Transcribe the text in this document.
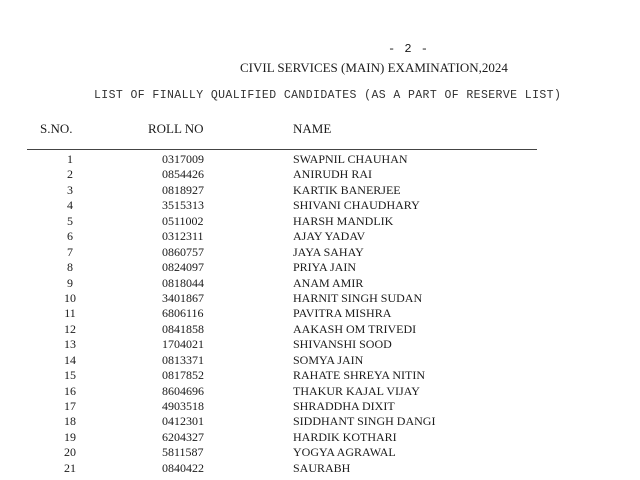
- 2 -
CIVIL SERVICES (MAIN) EXAMINATION,2024
LIST OF FINALLY QUALIFIED CANDIDATES (AS A PART OF RESERVE LIST)
S.NO.	ROLL NO	NAME
1	0317009	SWAPNIL CHAUHAN
2	0854426	ANIRUDH RAI
3	0818927	KARTIK BANERJEE
4	3515313	SHIVANI CHAUDHARY
5	0511002	HARSH MANDLIK
6	0312311	AJAY YADAV
7	0860757	JAYA SAHAY
8	0824097	PRIYA JAIN
9	0818044	ANAM AMIR
10	3401867	HARNIT SINGH SUDAN
11	6806116	PAVITRA MISHRA
12	0841858	AAKASH OM TRIVEDI
13	1704021	SHIVANSHI SOOD
14	0813371	SOMYA JAIN
15	0817852	RAHATE SHREYA NITIN
16	8604696	THAKUR KAJAL VIJAY
17	4903518	SHRADDHA DIXIT
18	0412301	SIDDHANT SINGH DANGI
19	6204327	HARDIK KOTHARI
20	5811587	YOGYA AGRAWAL
21	0840422	SAURABH
